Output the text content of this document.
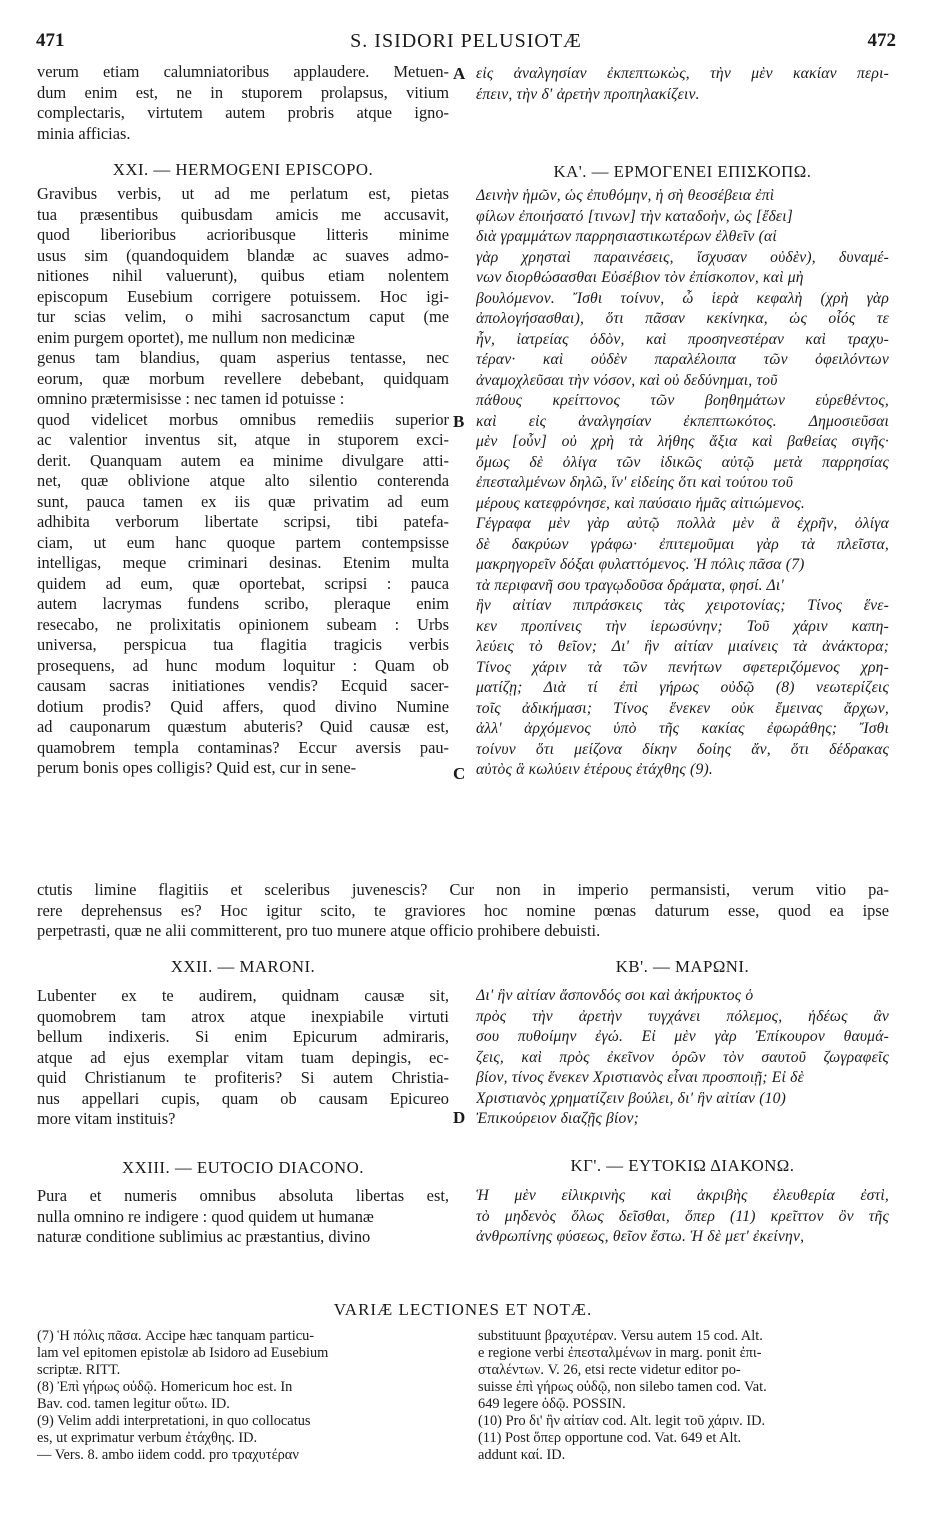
471	S. ISIDORI PELUSIOTÆ	472
verum etiam calumniatoribus applaudere. Metuen-
dum enim est, ne in stuporem prolapsus, vitium
complectaris, virtutem autem probris atque igno-
minia afficias.
εἰς ἀναλγησίαν ἐκπεπτωκὼς, τὴν μὲν κακίαν περι-
έπειν, τὴν δ' ἀρετὴν προπηλακίζειν.
A
XXI. — HERMOGENI EPISCOPO.	ΚΑ'. — ΕΡΜΟΓΕΝΕΙ ΕΠΙΣΚΟΠΩ.
Gravibus verbis, ut ad me perlatum est, pietas
tua præsentibus quibusdam amicis me accusavit,
quod liberioribus acrioribusque litteris minime
usus sim (quandoquidem blandæ ac suaves admo-
nitiones nihil valuerunt), quibus etiam nolentem
episcopum Eusebium corrigere potuissem. Hoc igi-
tur scias velim, o mihi sacrosanctum caput (me
enim purgem oportet), me nullum non medicinæ
genus tam blandius, quam asperius tentasse, nec
eorum, quæ morbum revellere debebant, quidquam
omnino prætermisisse : nec tamen id potuisse :
quod videlicet morbus omnibus remediis superior
ac valentior inventus sit, atque in stuporem exci-
derit. Quanquam autem ea minime divulgare atti-
net, quæ oblivione atque alto silentio conterenda
sunt, pauca tamen ex iis quæ privatim ad eum
adhibita verborum libertate scripsi, tibi patefa-
ciam, ut eum hanc quoque partem contempsisse
intelligas, meque criminari desinas. Etenim multa
quidem ad eum, quæ oportebat, scripsi : pauca
autem lacrymas fundens scribo, pleraque enim
resecabo, ne prolixitatis opinionem subeam : Urbs
universa, perspicua tua flagitia tragicis verbis
prosequens, ad hunc modum loquitur : Quam ob
causam sacras initiationes vendis? Ecquid sacer-
dotium prodis? Quid affers, quod divino Numine
ad cauponarum quæstum abuteris? Quid causæ est,
quamobrem templa contaminas? Eccur aversis pau-
perum bonis opes colligis? Quid est, cur in sene-
Δεινὴν ἡμῶν, ὡς ἐπυθόμην, ἡ σὴ θεοσέβεια ἐπὶ
φίλων ἐποιήσατό [τινων] τὴν καταδοὴν, ὡς [ἔδει]
διὰ γραμμάτων παρρησιαστικωτέρων ἐλθεῖν (αἱ
γὰρ χρησταὶ παραινέσεις, ἴσχυσαν οὐδὲν), δυναμέ-
νων διορθώσασθαι Εὐσέβιον τὸν ἐπίσκοπον, καὶ μὴ
βουλόμενον. Ἴσθι τοίνυν, ὦ ἱερὰ κεφαλὴ (χρὴ γὰρ
ἀπολογήσασθαι), ὅτι πᾶσαν κεκίνηκα, ὡς οἷός τε
ἦν, ἰατρείας ὁδὸν, καὶ προσηνεστέραν καὶ τραχυ-
τέραν· καὶ οὐδὲν παραλέλοιπα τῶν ὀφειλόντων
ἀναμοχλεῦσαι τὴν νόσον, καὶ οὐ δεδύνημαι, τοῦ
πάθους κρείττονος τῶν βοηθημάτων εὑρεθέντος,
καὶ εἰς ἀναλγησίαν ἐκπεπτωκότος. Δημοσιεῦσαι
μὲν [οὖν] οὐ χρὴ τὰ λήθης ἄξια καὶ βαθείας σιγῆς·
ὅμως δὲ ὀλίγα τῶν ἰδικῶς αὐτῷ μετὰ παρρησίας
ἐπεσταλμένων δηλῶ, ἵν' εἰδείης ὅτι καὶ τούτου τοῦ
μέρους κατεφρόνησε, καὶ παύσαιο ἡμᾶς αἰτιώμενος.
Γέγραφα μὲν γὰρ αὐτῷ πολλὰ μὲν ἃ ἐχρῆν, ὀλίγα
δὲ δακρύων γράφω· ἐπιτεμοῦμαι γὰρ τὰ πλεῖστα,
μακρηγορεῖν δόξαι φυλαττόμενος. Ἡ πόλις πᾶσα (7)
τὰ περιφανῆ σου τραγῳδοῦσα δράματα, φησί. Δι'
ἣν αἰτίαν πιπράσκεις τὰς χειροτονίας; Τίνος ἕνε-
κεν προπίνεις τὴν ἱερωσύνην; Τοῦ χάριν καπη-
λεύεις τὸ θεῖον; Δι' ἣν αἰτίαν μιαίνεις τὰ ἀνάκτορα;
Τίνος χάριν τὰ τῶν πενήτων σφετεριζόμενος χρη-
ματίζῃ; Διὰ τί ἐπὶ γήρως οὐδῷ (8) νεωτερίζεις
τοῖς ἀδικήμασι; Τίνος ἕνεκεν οὐκ ἔμεινας ἄρχων,
ἀλλ' ἀρχόμενος ὑπὸ τῆς κακίας ἐφωράθης; Ἴσθι
τοίνυν ὅτι μείζονα δίκην δοίης ἄν, ὅτι δέδρακας
αὐτὸς ἃ κωλύειν ἑτέρους ἐτάχθης (9).
B
C
ctutis limine flagitiis et sceleribus juvenescis? Cur non in imperio permansisti, verum vitio pa-
rere deprehensus es? Hoc igitur scito, te graviores hoc nomine pœnas daturum esse, quod ea ipse
perpetrasti, quæ ne alii committerent, pro tuo munere atque officio prohibere debuisti.
XXII. — MARONI.	ΚΒ'. — ΜΑΡΩΝΙ.
Lubenter ex te audirem, quidnam causæ sit,
quomobrem tam atrox atque inexpiabile virtuti
bellum indixeris. Si enim Epicurum admiraris,
atque ad ejus exemplar vitam tuam depingis, ec-
quid Christianum te profiteris? Si autem Christia-
nus appellari cupis, quam ob causam Epicureo
more vitam instituis?
Δι' ἣν αἰτίαν ἄσπονδός σοι καὶ ἀκήρυκτος ὁ
πρὸς τὴν ἀρετὴν τυγχάνει πόλεμος, ἡδέως ἂν
σου πυθοίμην ἐγώ. Εἰ μὲν γὰρ Ἐπίκουρον θαυμά-
ζεις, καὶ πρὸς ἐκεῖνον ὁρῶν τὸν σαυτοῦ ζωγραφεῖς
βίον, τίνος ἕνεκεν Χριστιανὸς εἶναι προσποιῇ; Εἰ δὲ
Χριστιανὸς χρηματίζειν βούλει, δι' ἣν αἰτίαν (10)
Ἐπικούρειον διαζῇς βίον;
D
XXIII. — EUTOCIO DIACONO.	ΚΓ'. — ΕΥΤΟΚΙΩ ΔΙΑΚΟΝΩ.
Pura et numeris omnibus absoluta libertas est,
nulla omnino re indigere : quod quidem ut humanæ
naturæ conditione sublimius ac præstantius, divino
Ἡ μὲν εἰλικρινὴς καὶ ἀκριβὴς ἐλευθερία ἐστὶ,
τὸ μηδενὸς ὅλως δεῖσθαι, ὅπερ (11) κρεῖττον ὂν τῆς
ἀνθρωπίνης φύσεως, θεῖον ἔστω. Ἡ δὲ μετ' ἐκείνην,
VARIÆ LECTIONES ET NOTÆ.
(7) Ἡ πόλις πᾶσα. Accipe hæc tanquam particu-
lam vel epitomen epistolæ ab Isidoro ad Eusebium
scriptæ. RITT.
(8) Ἐπὶ γήρως οὐδῷ. Homericum hoc est. In
Bav. cod. tamen legitur οὕτω. ID.
(9) Velim addi interpretationi, in quo collocatus
es, ut exprimatur verbum ἐτάχθης. ID.
— Vers. 8. ambo iidem codd. pro τραχυτέραν
substituunt βραχυτέραν. Versu autem 15 cod. Alt.
e regione verbi ἐπεσταλμένων in marg. ponit ἐπι-
σταλέντων. V. 26, etsi recte videtur editor po-
suisse ἐπὶ γήρως οὐδῷ, non silebo tamen cod. Vat.
649 legere ὁδῷ. POSSIN.
(10) Pro δι' ἣν αἰτίαν cod. Alt. legit τοῦ χάριν. ID.
(11) Post ὅπερ opportune cod. Vat. 649 et Alt.
addunt καί. ID.
